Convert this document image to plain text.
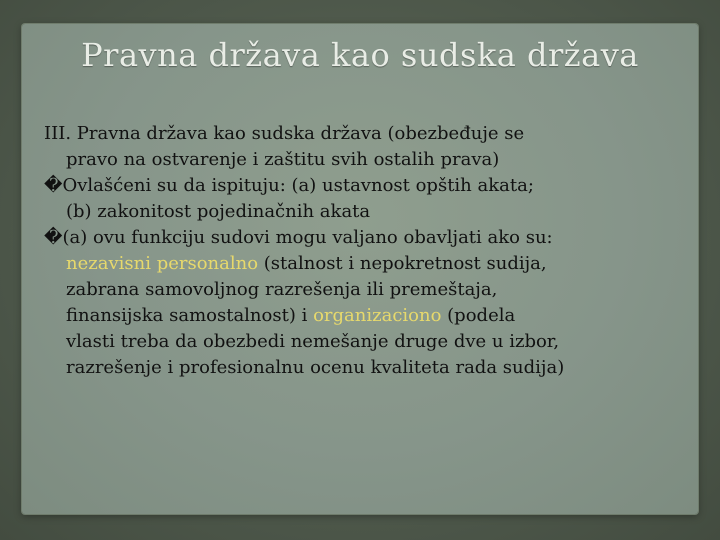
Pravna država kao sudska država

III. Pravna država kao sudska država (obezbeđuje se
pravo na ostvarenje i zaštitu svih ostalih prava)

�Ovlašćeni su da ispituju: (a) ustavnost opštih akata;
(b) zakonitost pojedinačnih akata

�(a) ovu funkciju sudovi mogu valjano obavljati ako su:
nezavisni personalno (stalnost i nepokretnost sudija,
zabrana samovoljnog razrešenja ili premeštaja,
finansijska samostalnost) i organizaciono (podela
vlasti treba da obezbedi nemešanje druge dve u izbor,
razrešenje i profesionalnu ocenu kvaliteta rada sudija)
